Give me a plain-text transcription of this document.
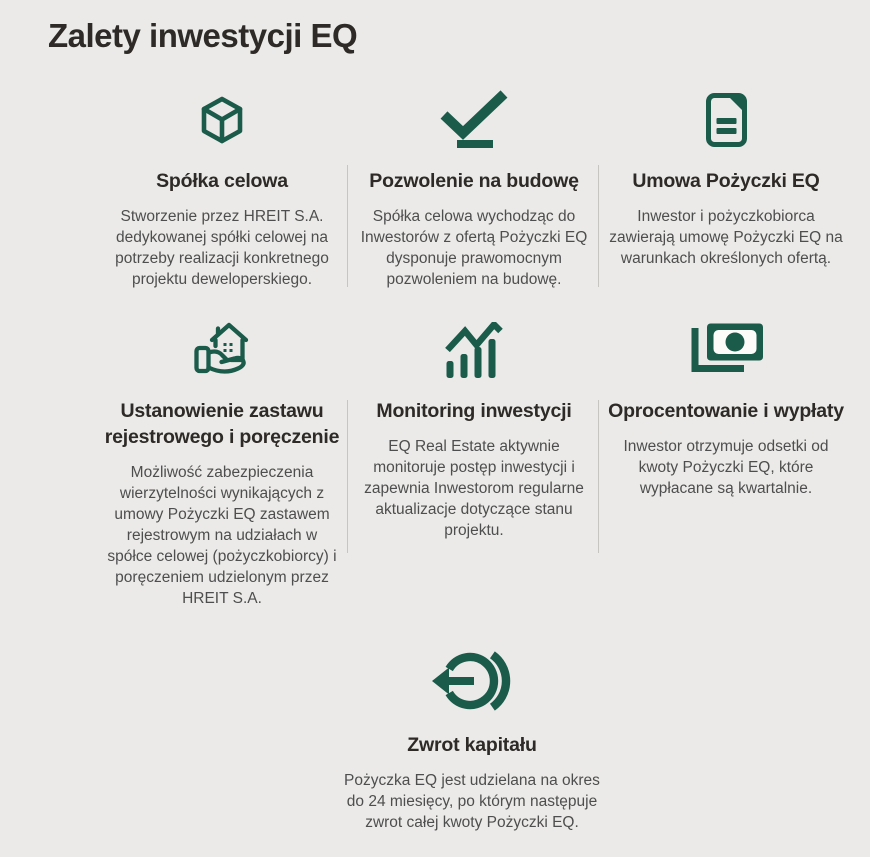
Zalety inwestycji EQ
Spółka celowa

Stworzenie przez HREIT S.A. dedykowanej spółki celowej na potrzeby realizacji konkretnego projektu deweloperskiego.

Pozwolenie na budowę

Spółka celowa wychodząc do Inwestorów z ofertą Pożyczki EQ dysponuje prawomocnym pozwoleniem na budowę.

Umowa Pożyczki EQ

Inwestor i pożyczkobiorca zawierają umowę Pożyczki EQ na warunkach określonych ofertą.

Ustanowienie zastawu rejestrowego i poręczenie

Możliwość zabezpieczenia wierzytelności wynikających z umowy Pożyczki EQ zastawem rejestrowym na udziałach w spółce celowej (pożyczkobiorcy) i poręczeniem udzielonym przez HREIT S.A.

Monitoring inwestycji

EQ Real Estate aktywnie monitoruje postęp inwestycji i zapewnia Inwestorom regularne aktualizacje dotyczące stanu projektu.

Oprocentowanie i wypłaty

Inwestor otrzymuje odsetki od kwoty Pożyczki EQ, które wypłacane są kwartalnie.

Zwrot kapitału

Pożyczka EQ jest udzielana na okres do 24 miesięcy, po którym następuje zwrot całej kwoty Pożyczki EQ.
